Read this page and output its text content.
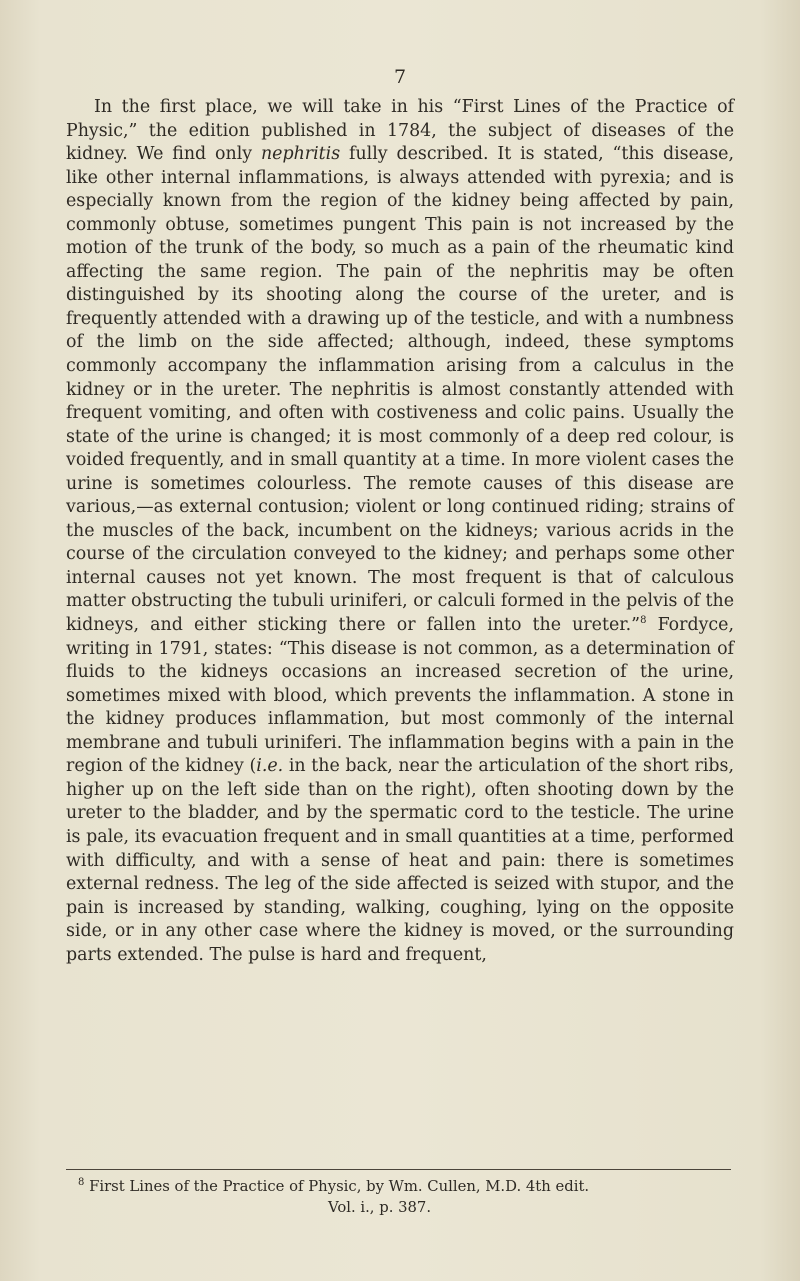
7

In the first place, we will take in his “First Lines of the Practice of Physic,” the edition published in 1784, the subject of diseases of the kidney. We find only nephritis fully described. It is stated, “this disease, like other internal inflammations, is always attended with pyrexia; and is especially known from the region of the kidney being affected by pain, commonly obtuse, sometimes pungent This pain is not increased by the motion of the trunk of the body, so much as a pain of the rheumatic kind affecting the same region. The pain of the nephritis may be often distinguished by its shooting along the course of the ureter, and is frequently attended with a drawing up of the testicle, and with a numbness of the limb on the side affected; although, indeed, these symptoms commonly accompany the inflammation arising from a calculus in the kidney or in the ureter. The nephritis is almost constantly attended with frequent vomiting, and often with costiveness and colic pains. Usually the state of the urine is changed; it is most commonly of a deep red colour, is voided frequently, and in small quantity at a time. In more violent cases the urine is sometimes colourless. The remote causes of this disease are various,—as external contusion; violent or long continued riding; strains of the muscles of the back, incumbent on the kidneys; various acrids in the course of the circulation conveyed to the kidney; and perhaps some other internal causes not yet known. The most frequent is that of calculous matter obstructing the tubuli uriniferi, or calculi formed in the pelvis of the kidneys, and either sticking there or fallen into the ureter.”$^8$ Fordyce, writing in 1791, states: “This disease is not common, as a determination of fluids to the kidneys occasions an increased secretion of the urine, sometimes mixed with blood, which prevents the inflammation. A stone in the kidney produces inflammation, but most commonly of the internal membrane and tubuli uriniferi. The inflammation begins with a pain in the region of the kidney (i.e. in the back, near the articulation of the short ribs, higher up on the left side than on the right), often shooting down by the ureter to the bladder, and by the spermatic cord to the testicle. The urine is pale, its evacuation frequent and in small quantities at a time, performed with difficulty, and with a sense of heat and pain: there is sometimes external redness. The leg of the side affected is seized with stupor, and the pain is increased by standing, walking, coughing, lying on the opposite side, or in any other case where the kidney is moved, or the surrounding parts extended. The pulse is hard and frequent,

$^8$ First Lines of the Practice of Physic, by Wm. Cullen, M.D. 4th edit.
Vol. i., p. 387.
